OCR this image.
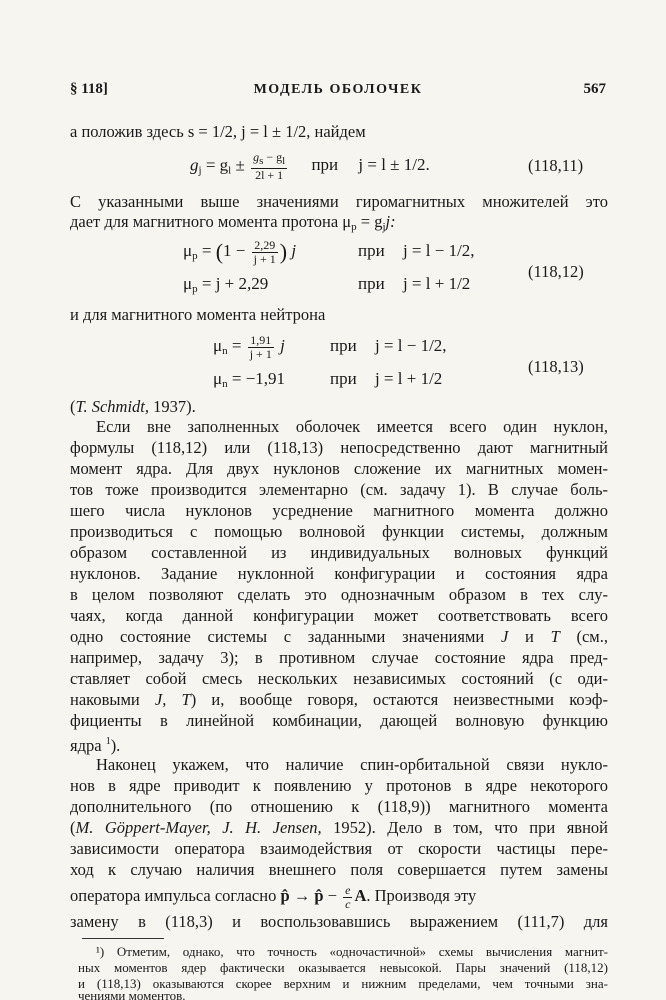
§ 118]	МОДЕЛЬ ОБОЛОЧЕК	567
а положив здесь s = 1/2, j = l ± 1/2, найдем
$g_j = g_l \pm \frac{gs - gl}{2l + 1}$ при j = l ± 1/2.	(118,11)
С указанными выше значениями гиромагнитных множителей это
дает для магнитного момента протона $\mu_p = g_jj$:
$\mu_p = (1 - \frac{2,29}{j + 1}$ ) j	при j = l − 1/2,
$\mu_p = j + 2,29$	при j = l + 1/2
(118,12)
и для магнитного момента нейтрона
$\mu_n = \frac{1,91}{j + 1}$ j	при j = l − 1/2,
$\mu_n = -1,91$	при j = l + 1/2
(118,13)
(T. Schmidt, 1937).
Если вне заполненных оболочек имеется всего один нуклон,
формулы (118,12) или (118,13) непосредственно дают магнитный
момент ядра. Для двух нуклонов сложение их магнитных момен-
тов тоже производится элементарно (см. задачу 1). В случае боль-
шего числа нуклонов усреднение магнитного момента должно
производиться с помощью волновой функции системы, должным
образом составленной из индивидуальных волновых функций
нуклонов. Задание нуклонной конфигурации и состояния ядра
в целом позволяют сделать это однозначным образом в тех слу-
чаях, когда данной конфигурации может соответствовать всего
одно состояние системы с заданными значениями J и T (см.,
например, задачу 3); в противном случае состояние ядра пред-
ставляет собой смесь нескольких независимых состояний (с оди-
наковыми J, T) и, вообще говоря, остаются неизвестными коэф-
фициенты в линейной комбинации, дающей волновую функцию
ядра $^1$).
Наконец укажем, что наличие спин-орбитальной связи нукло-
нов в ядре приводит к появлению у протонов в ядре некоторого
дополнительного (по отношению к (118,9)) магнитного момента
(M. Göppert-Mayer, J. H. Jensen, 1952). Дело в том, что при явной
зависимости оператора взаимодействия от скорости частицы пере-
ход к случаю наличия внешнего поля совершается путем замены
оператора импульса согласно p̂ → p̂ − $\frac{e}{c} A$. Производя эту
замену в (118,3) и воспользовавшись выражением (111,7) для
¹) Отметим, однако, что точность «одночастичной» схемы вычисления магнит-
ных моментов ядер фактически оказывается невысокой. Пары значений (118,12)
и (118,13) оказываются скорее верхним и нижним пределами, чем точными зна-
чениями моментов.
